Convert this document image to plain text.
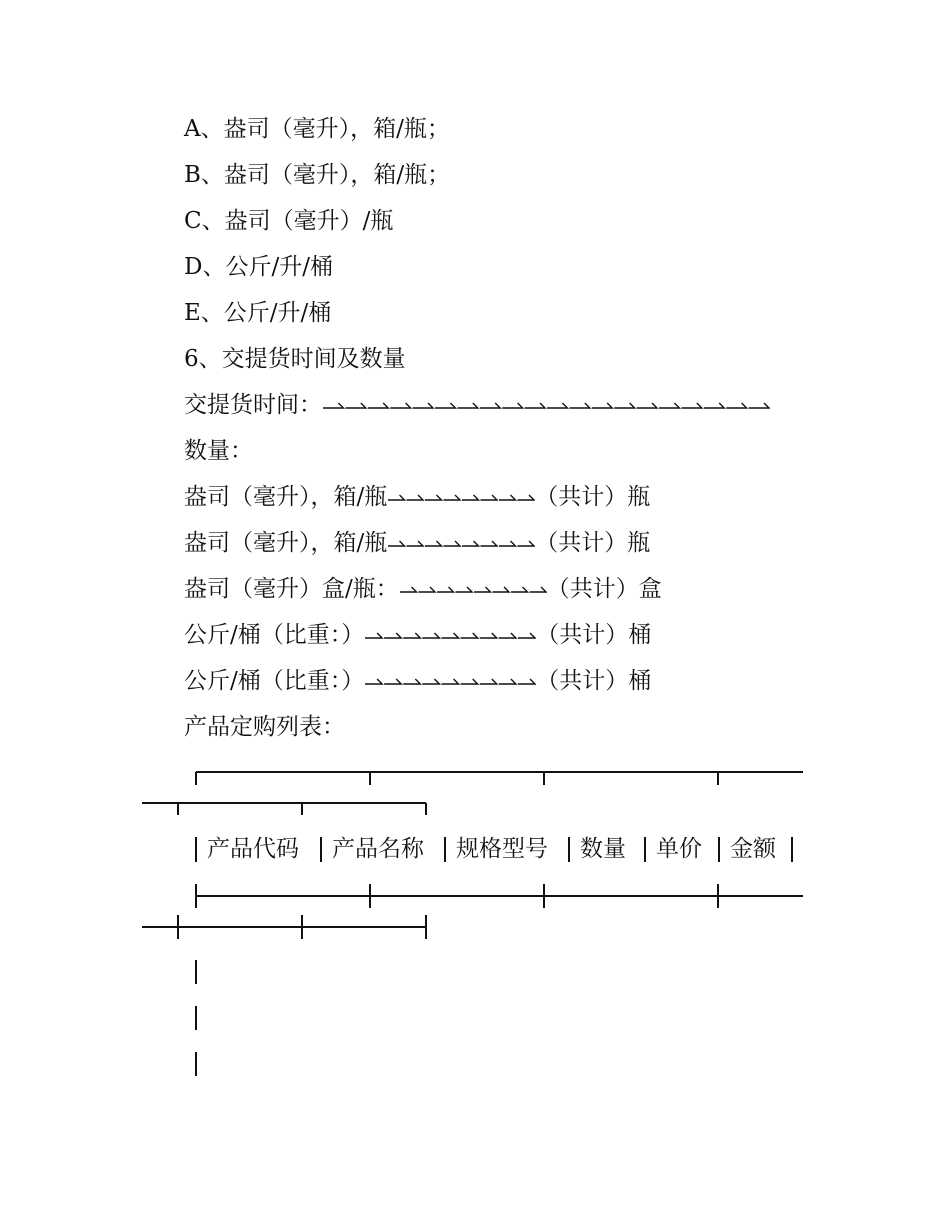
A、盎司（毫升），箱/瓶；
B、盎司（毫升），箱/瓶；
C、盎司（毫升）/瓶
D、公斤/升/桶
E、公斤/升/桶
6、交提货时间及数量
交提货时间：
数量：
盎司（毫升），箱/瓶	（共计）瓶
盎司（毫升），箱/瓶	（共计）瓶
盎司（毫升）盒/瓶：	（共计）盒
公斤/桶（比重：）	（共计）桶
公斤/桶（比重：）	（共计）桶
产品定购列表：
产品代码 产品名称 规格型号 数量 单价 金额
